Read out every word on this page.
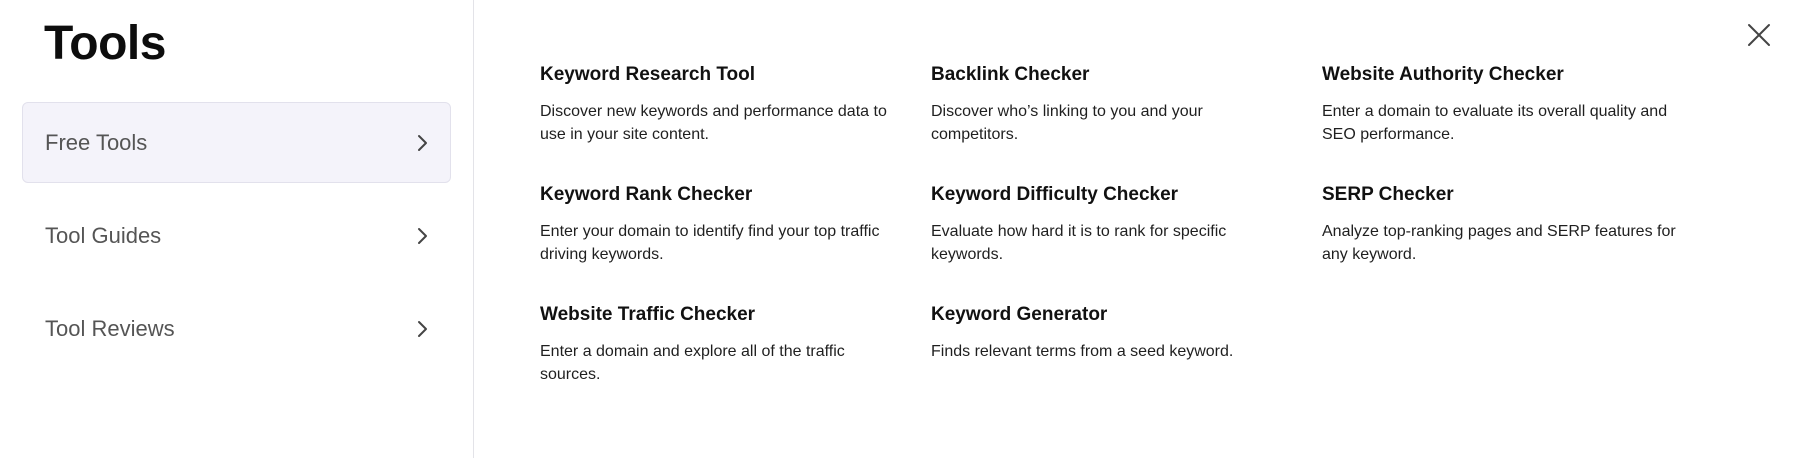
Tools
Free Tools
Tool Guides
Tool Reviews
Keyword Research Tool
Discover new keywords and performance data to use in your site content.
Backlink Checker
Discover who’s linking to you and your competitors.
Website Authority Checker
Enter a domain to evaluate its overall quality and SEO performance.
Keyword Rank Checker
Enter your domain to identify find your top traffic driving keywords.
Keyword Difficulty Checker
Evaluate how hard it is to rank for specific keywords.
SERP Checker
Analyze top-ranking pages and SERP features for any keyword.
Website Traffic Checker
Enter a domain and explore all of the traffic sources.
Keyword Generator
Finds relevant terms from a seed keyword.
